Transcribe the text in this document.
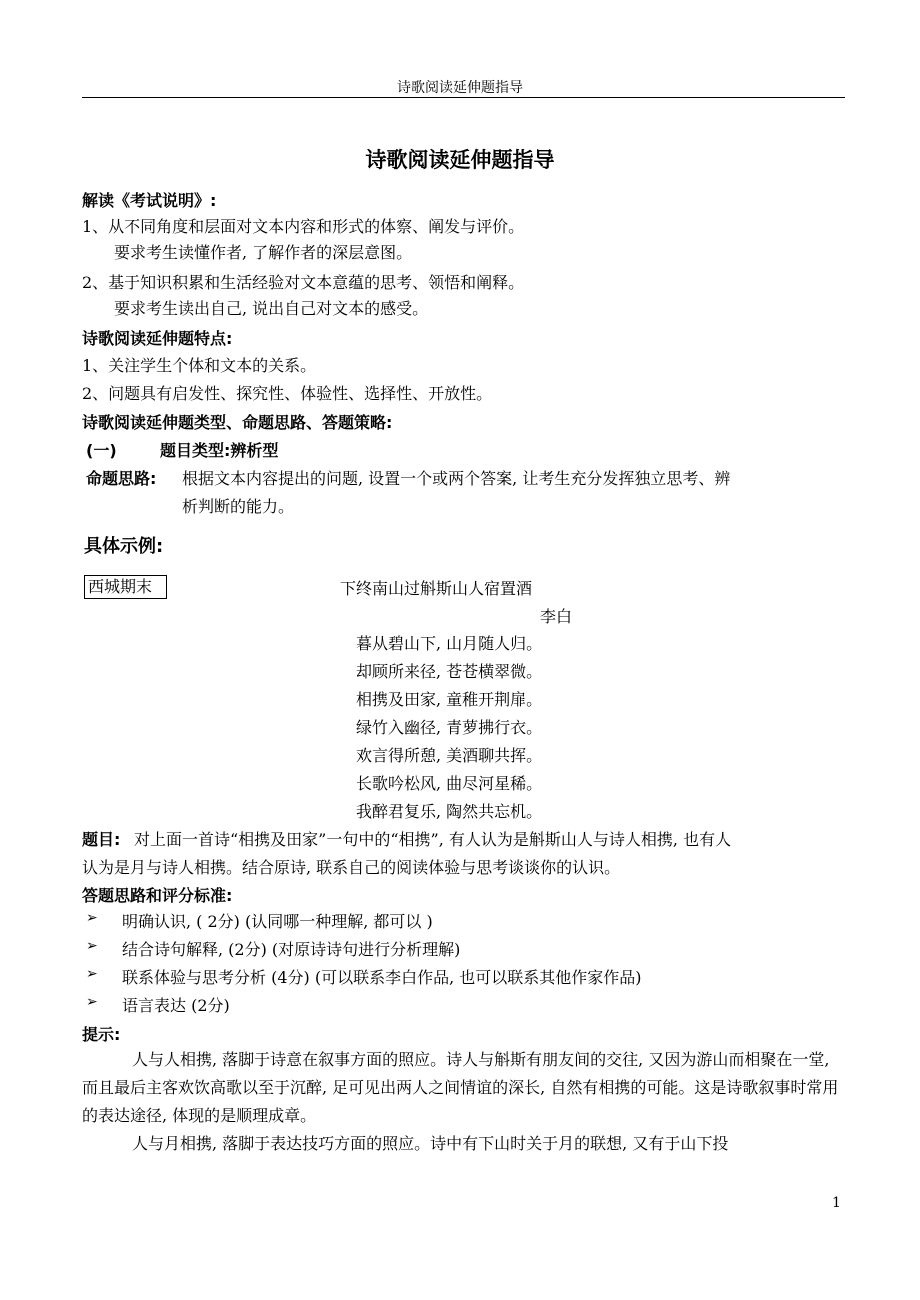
诗歌阅读延伸题指导
诗歌阅读延伸题指导
解读《考试说明》:
1、从不同角度和层面对文本内容和形式的体察、阐发与评价。
要求考生读懂作者, 了解作者的深层意图。
2、基于知识积累和生活经验对文本意蕴的思考、领悟和阐释。
要求考生读出自己, 说出自己对文本的感受。
诗歌阅读延伸题特点:
1、关注学生个体和文本的关系。
2、问题具有启发性、探究性、体验性、选择性、开放性。
诗歌阅读延伸题类型、命题思路、答题策略:
(一)	题目类型:辨析型
命题思路: 根据文本内容提出的问题, 设置一个或两个答案, 让考生充分发挥独立思考、辨
析判断的能力。
具体示例:
西城期末	下终南山过斛斯山人宿置酒
李白
暮从碧山下, 山月随人归。
却顾所来径, 苍苍横翠微。
相携及田家, 童稚开荆扉。
绿竹入幽径, 青萝拂行衣。
欢言得所憩, 美酒聊共挥。
长歌吟松风, 曲尽河星稀。
我醉君复乐, 陶然共忘机。
题目: 对上面一首诗“相携及田家”一句中的“相携”, 有人认为是斛斯山人与诗人相携, 也有人
认为是月与诗人相携。结合原诗, 联系自己的阅读体验与思考谈谈你的认识。
答题思路和评分标准:
➢ 明确认识, ( 2分) (认同哪一种理解, 都可以 )
➢ 结合诗句解释, (2分) (对原诗诗句进行分析理解)
➢ 联系体验与思考分析 (4分) (可以联系李白作品, 也可以联系其他作家作品)
➢ 语言表达 (2分)
提示:
人与人相携, 落脚于诗意在叙事方面的照应。诗人与斛斯有朋友间的交往, 又因为游山而相聚在一堂, 而且最后主客欢饮高歌以至于沉醉, 足可见出两人之间情谊的深长, 自然有相携的可能。这是诗歌叙事时常用的表达途径, 体现的是顺理成章。
人与月相携, 落脚于表达技巧方面的照应。诗中有下山时关于月的联想, 又有于山下投
1
